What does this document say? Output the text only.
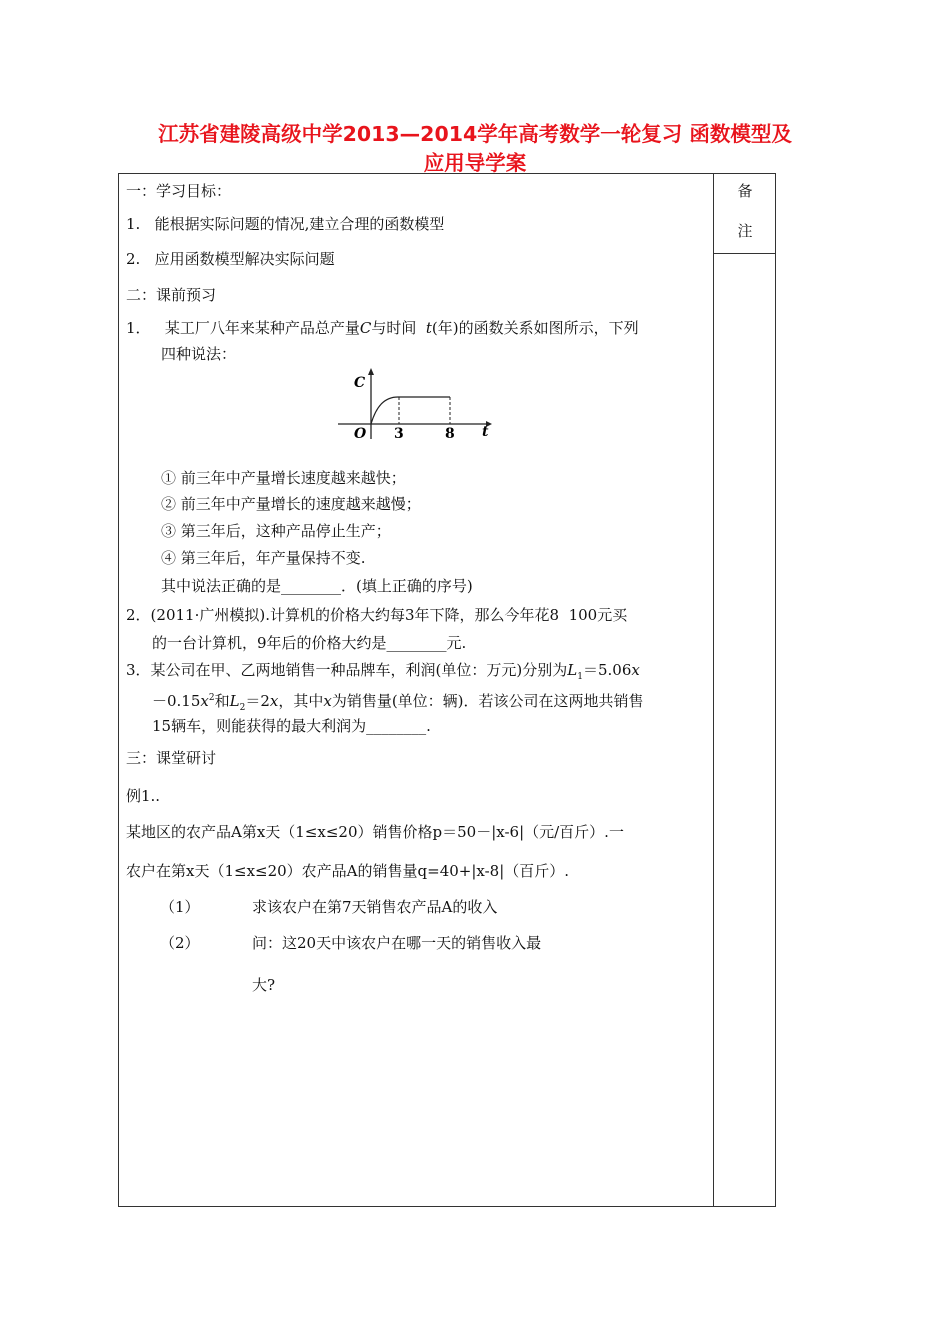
江苏省建陵高级中学2013—2014学年高考数学一轮复习 函数模型及
应用导学案
备
注
一：学习目标：
1.   能根据实际问题的情况,建立合理的函数模型
2.   应用函数模型解决实际问题
二：课前预习
1．   某工厂八年来某种产品总产量C与时间  t(年)的函数关系如图所示，下列
四种说法：
C
O 3	8 t
① 前三年中产量增长速度越来越快；
② 前三年中产量增长的速度越来越慢；
③ 第三年后，这种产品停止生产；
④ 第三年后，年产量保持不变.
其中说法正确的是________．(填上正确的序号)
2．(2011·广州模拟).计算机的价格大约每3年下降，那么今年花8  100元买
的一台计算机，9年后的价格大约是________元.
3．某公司在甲、乙两地销售一种品牌车，利润(单位：万元)分别为$L_1=5.06x$
$-0.15x^2$和$L_2=2x$，其中x为销售量(单位：辆)．若该公司在这两地共销售
15辆车，则能获得的最大利润为________.
三：课堂研讨
例1..
某地区的农产品A第x天（1≤x≤20）销售价格p＝50－|x-6|（元/百斤）.一
农户在第x天（1≤x≤20）农产品A的销售量q=40+|x-8|（百斤）.
（1）	求该农户在第7天销售农产品A的收入
（2）	问：这20天中该农户在哪一天的销售收入最
大?
